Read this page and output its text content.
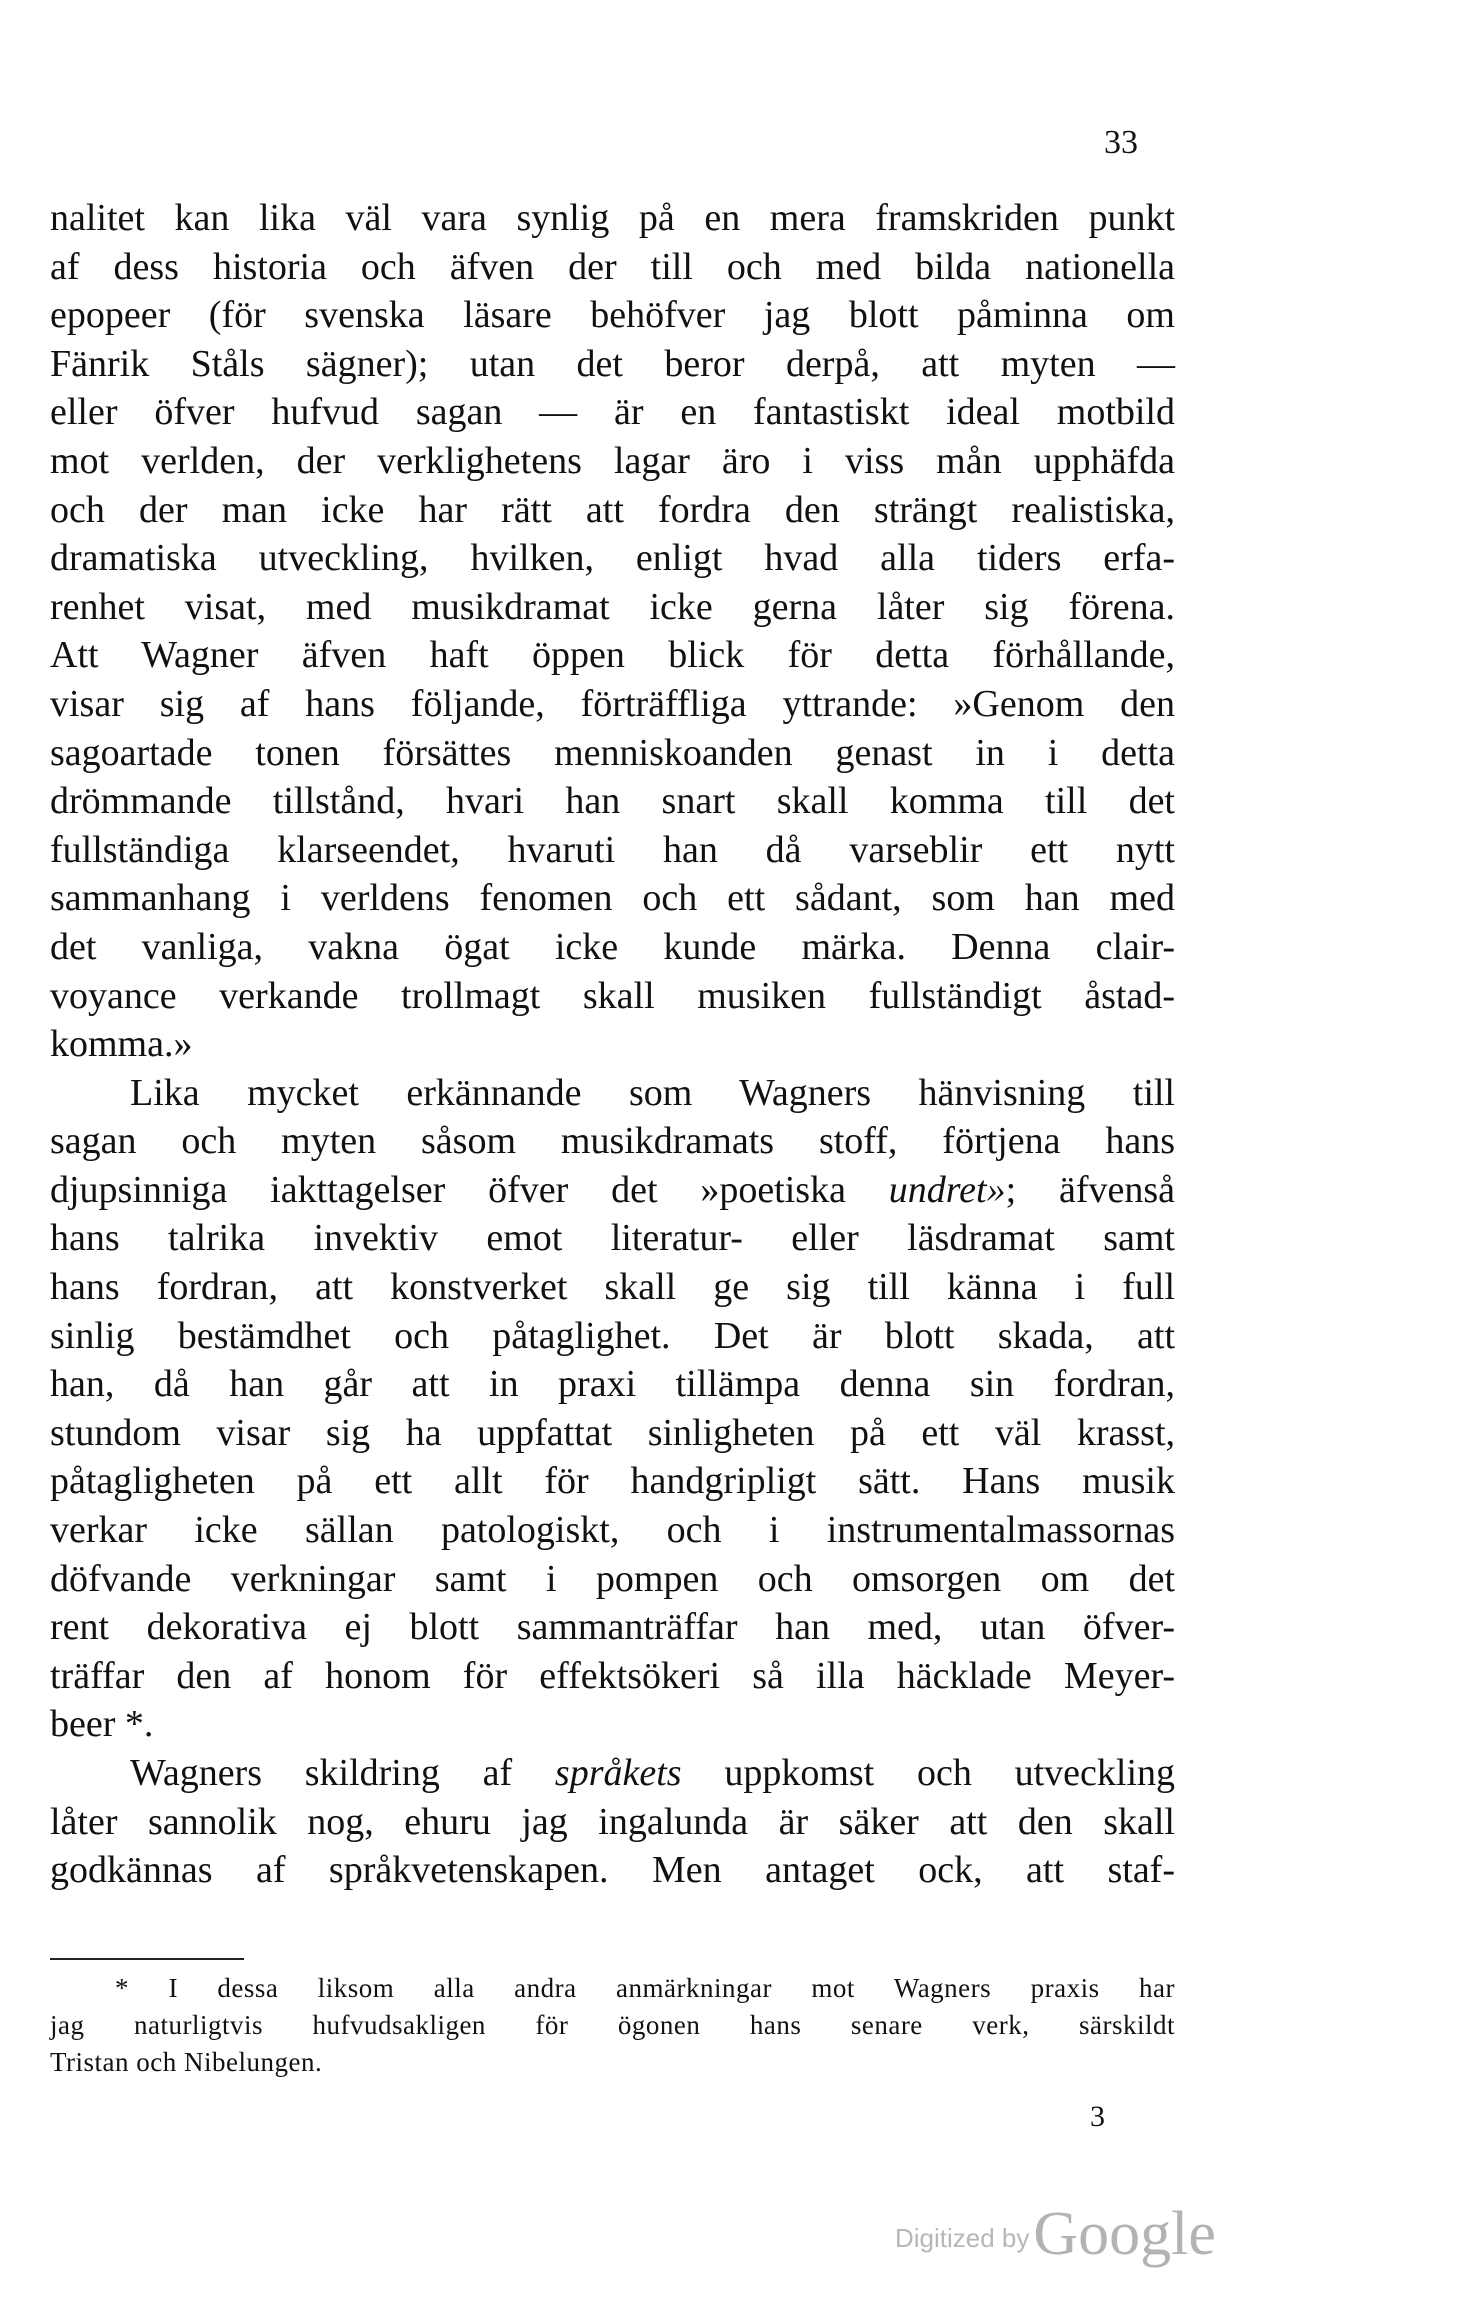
33
nalitet kan lika väl vara synlig på en mera framskriden punkt
af dess historia och äfven der till och med bilda nationella
epopeer (för svenska läsare behöfver jag blott påminna om
Fänrik Ståls sägner); utan det beror derpå, att myten —
eller öfver hufvud sagan — är en fantastiskt ideal motbild
mot verlden, der verklighetens lagar äro i viss mån upphäfda
och der man icke har rätt att fordra den strängt realistiska,
dramatiska utveckling, hvilken, enligt hvad alla tiders erfa-
renhet visat, med musikdramat icke gerna låter sig förena.
Att Wagner äfven haft öppen blick för detta förhållande,
visar sig af hans följande, förträffliga yttrande: »Genom den
sagoartade tonen försättes menniskoanden genast in i detta
drömmande tillstånd, hvari han snart skall komma till det
fullständiga klarseendet, hvaruti han då varseblir ett nytt
sammanhang i verldens fenomen och ett sådant, som han med
det vanliga, vakna ögat icke kunde märka. Denna clair-
voyance verkande trollmagt skall musiken fullständigt åstad-
komma.»
Lika mycket erkännande som Wagners hänvisning till
sagan och myten såsom musikdramats stoff, förtjena hans
djupsinniga iakttagelser öfver det »poetiska undret»; äfvenså
hans talrika invektiv emot literatur- eller läsdramat samt
hans fordran, att konstverket skall ge sig till känna i full
sinlig bestämdhet och påtaglighet. Det är blott skada, att
han, då han går att in praxi tillämpa denna sin fordran,
stundom visar sig ha uppfattat sinligheten på ett väl krasst,
påtagligheten på ett allt för handgripligt sätt. Hans musik
verkar icke sällan patologiskt, och i instrumentalmassornas
döfvande verkningar samt i pompen och omsorgen om det
rent dekorativa ej blott sammanträffar han med, utan öfver-
träffar den af honom för effektsökeri så illa häcklade Meyer-
beer *.
Wagners skildring af språkets uppkomst och utveckling
låter sannolik nog, ehuru jag ingalunda är säker att den skall
godkännas af språkvetenskapen. Men antaget ock, att staf-
* I dessa liksom alla andra anmärkningar mot Wagners praxis har
jag naturligtvis hufvudsakligen för ögonen hans senare verk, särskildt
Tristan och Nibelungen.
3
Digitized by Google
